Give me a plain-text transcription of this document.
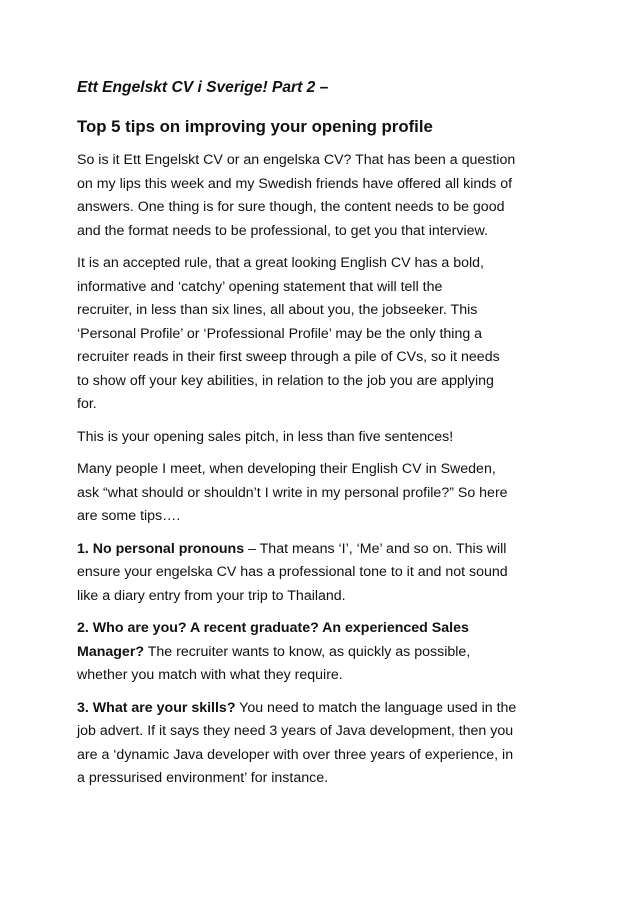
Ett Engelskt CV i Sverige! Part 2 –
Top 5 tips on improving your opening profile
So is it Ett Engelskt CV or an engelska CV? That has been a question
on my lips this week and my Swedish friends have offered all kinds of
answers. One thing is for sure though, the content needs to be good
and the format needs to be professional, to get you that interview.
It is an accepted rule, that a great looking English CV has a bold,
informative and ‘catchy’ opening statement that will tell the
recruiter, in less than six lines, all about you, the jobseeker. This
‘Personal Profile’ or ‘Professional Profile’ may be the only thing a
recruiter reads in their first sweep through a pile of CVs, so it needs
to show off your key abilities, in relation to the job you are applying
for.
This is your opening sales pitch, in less than five sentences!
Many people I meet, when developing their English CV in Sweden,
ask “what should or shouldn’t I write in my personal profile?” So here
are some tips….
1. No personal pronouns – That means ‘I’, ‘Me’ and so on. This will
ensure your engelska CV has a professional tone to it and not sound
like a diary entry from your trip to Thailand.
2. Who are you? A recent graduate? An experienced Sales
Manager? The recruiter wants to know, as quickly as possible,
whether you match with what they require.
3. What are your skills? You need to match the language used in the
job advert. If it says they need 3 years of Java development, then you
are a ‘dynamic Java developer with over three years of experience, in
a pressurised environment’ for instance.
